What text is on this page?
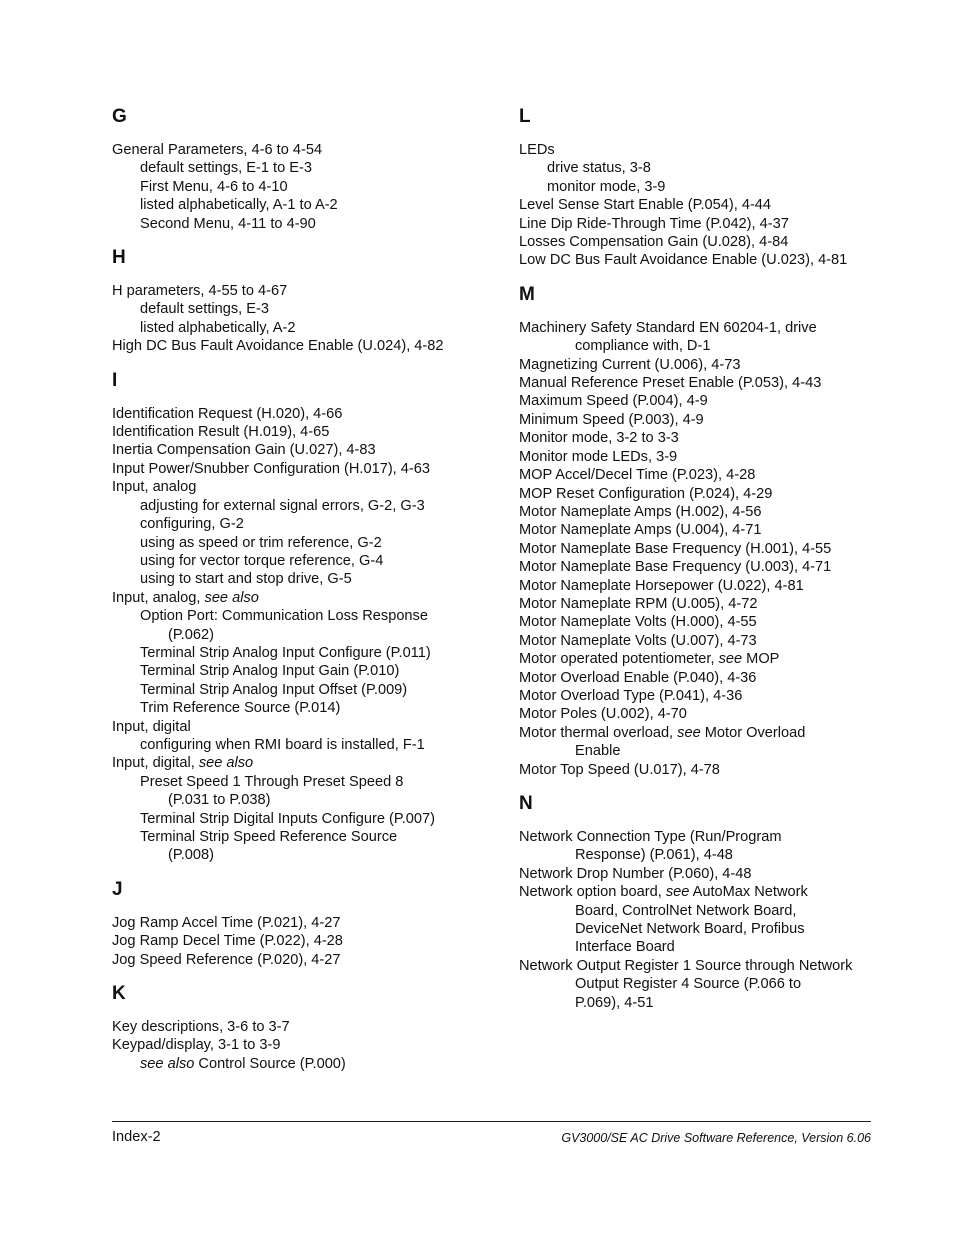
G
General Parameters, 4-6 to 4-54
default settings, E-1 to E-3
First Menu, 4-6 to 4-10
listed alphabetically, A-1 to A-2
Second Menu, 4-11 to 4-90
H
H parameters, 4-55 to 4-67
default settings, E-3
listed alphabetically, A-2
High DC Bus Fault Avoidance Enable (U.024), 4-82
I
Identification Request (H.020), 4-66
Identification Result (H.019), 4-65
Inertia Compensation Gain (U.027), 4-83
Input Power/Snubber Configuration (H.017), 4-63
Input, analog
adjusting for external signal errors, G-2, G-3
configuring, G-2
using as speed or trim reference, G-2
using for vector torque reference, G-4
using to start and stop drive, G-5
Input, analog, see also
Option Port: Communication Loss Response
(P.062)
Terminal Strip Analog Input Configure (P.011)
Terminal Strip Analog Input Gain (P.010)
Terminal Strip Analog Input Offset (P.009)
Trim Reference Source (P.014)
Input, digital
configuring when RMI board is installed, F-1
Input, digital, see also
Preset Speed 1 Through Preset Speed 8
(P.031 to P.038)
Terminal Strip Digital Inputs Configure (P.007)
Terminal Strip Speed Reference Source
(P.008)
J
Jog Ramp Accel Time (P.021), 4-27
Jog Ramp Decel Time (P.022), 4-28
Jog Speed Reference (P.020), 4-27
K
Key descriptions, 3-6 to 3-7
Keypad/display, 3-1 to 3-9
see also Control Source (P.000)
L
LEDs
drive status, 3-8
monitor mode, 3-9
Level Sense Start Enable (P.054), 4-44
Line Dip Ride-Through Time (P.042), 4-37
Losses Compensation Gain (U.028), 4-84
Low DC Bus Fault Avoidance Enable (U.023), 4-81
M
Machinery Safety Standard EN 60204-1, drive
compliance with, D-1
Magnetizing Current (U.006), 4-73
Manual Reference Preset Enable (P.053), 4-43
Maximum Speed (P.004), 4-9
Minimum Speed (P.003), 4-9
Monitor mode, 3-2 to 3-3
Monitor mode LEDs, 3-9
MOP Accel/Decel Time (P.023), 4-28
MOP Reset Configuration (P.024), 4-29
Motor Nameplate Amps (H.002), 4-56
Motor Nameplate Amps (U.004), 4-71
Motor Nameplate Base Frequency (H.001), 4-55
Motor Nameplate Base Frequency (U.003), 4-71
Motor Nameplate Horsepower (U.022), 4-81
Motor Nameplate RPM (U.005), 4-72
Motor Nameplate Volts (H.000), 4-55
Motor Nameplate Volts (U.007), 4-73
Motor operated potentiometer, see MOP
Motor Overload Enable (P.040), 4-36
Motor Overload Type (P.041), 4-36
Motor Poles (U.002), 4-70
Motor thermal overload, see Motor Overload
Enable
Motor Top Speed (U.017), 4-78
N
Network Connection Type (Run/Program
Response) (P.061), 4-48
Network Drop Number (P.060), 4-48
Network option board, see AutoMax Network
Board, ControlNet Network Board,
DeviceNet Network Board, Profibus
Interface Board
Network Output Register 1 Source through Network
Output Register 4 Source (P.066 to
P.069), 4-51
Index-2	GV3000/SE AC Drive Software Reference, Version 6.06
